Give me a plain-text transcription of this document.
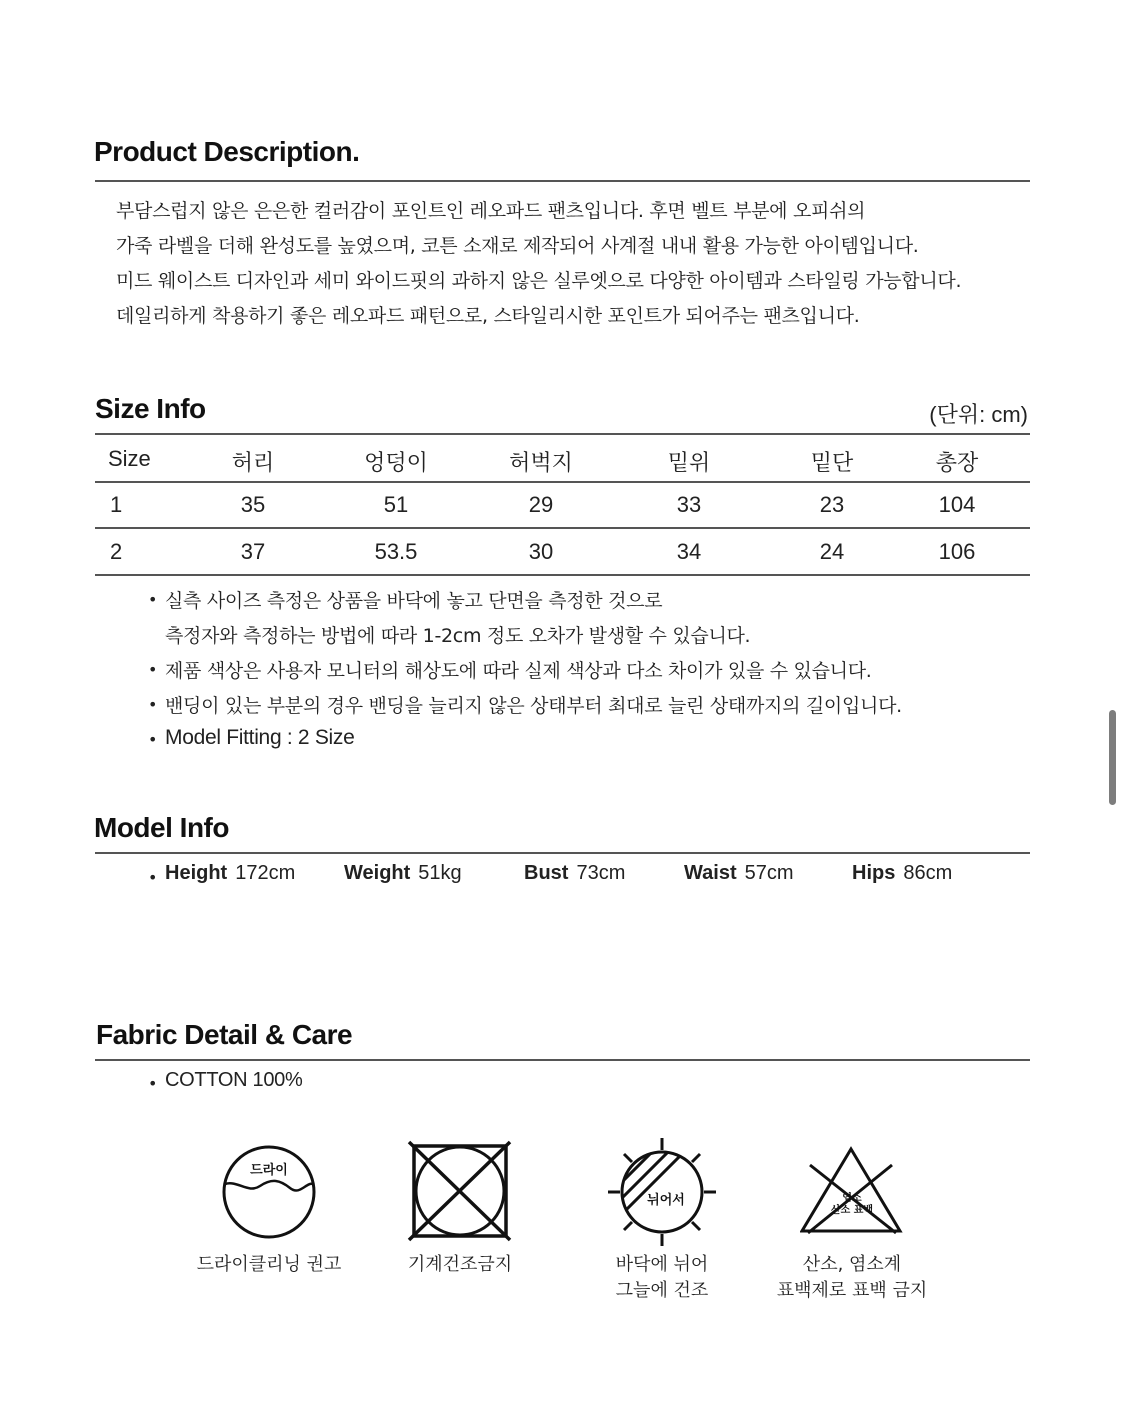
Product Description.
부담스럽지 않은 은은한 컬러감이 포인트인 레오파드 팬츠입니다. 후면 벨트 부분에 오피쉬의
가죽 라벨을 더해 완성도를 높였으며, 코튼 소재로 제작되어 사계절 내내 활용 가능한 아이템입니다.
미드 웨이스트 디자인과 세미 와이드핏의 과하지 않은 실루엣으로 다양한 아이템과 스타일링 가능합니다.
데일리하게 착용하기 좋은 레오파드 패턴으로, 스타일리시한 포인트가 되어주는 팬츠입니다.
Size Info	(단위: cm)
Size	허리	엉덩이	허벅지	밑위	밑단	총장
1	35	51	29	33	23	104
2	37	53.5	30	34	24	106
• 실측 사이즈 측정은 상품을 바닥에 놓고 단면을 측정한 것으로
측정자와 측정하는 방법에 따라 1-2cm 정도 오차가 발생할 수 있습니다.
• 제품 색상은 사용자 모니터의 해상도에 따라 실제 색상과 다소 차이가 있을 수 있습니다.
• 밴딩이 있는 부분의 경우 밴딩을 늘리지 않은 상태부터 최대로 늘린 상태까지의 길이입니다.
• Model Fitting : 2 Size
Model Info
• Height 172cm Weight 51kg	Bust 73cm	Waist 57cm	Hips 86cm
Fabric Detail & Care
• COTTON 100%
드라이
드라이클리닝 권고	기계건조금지
뉘어서
바닥에 뉘어
그늘에 건조
염소
산소 표백
산소, 염소계
표백제로 표백 금지
